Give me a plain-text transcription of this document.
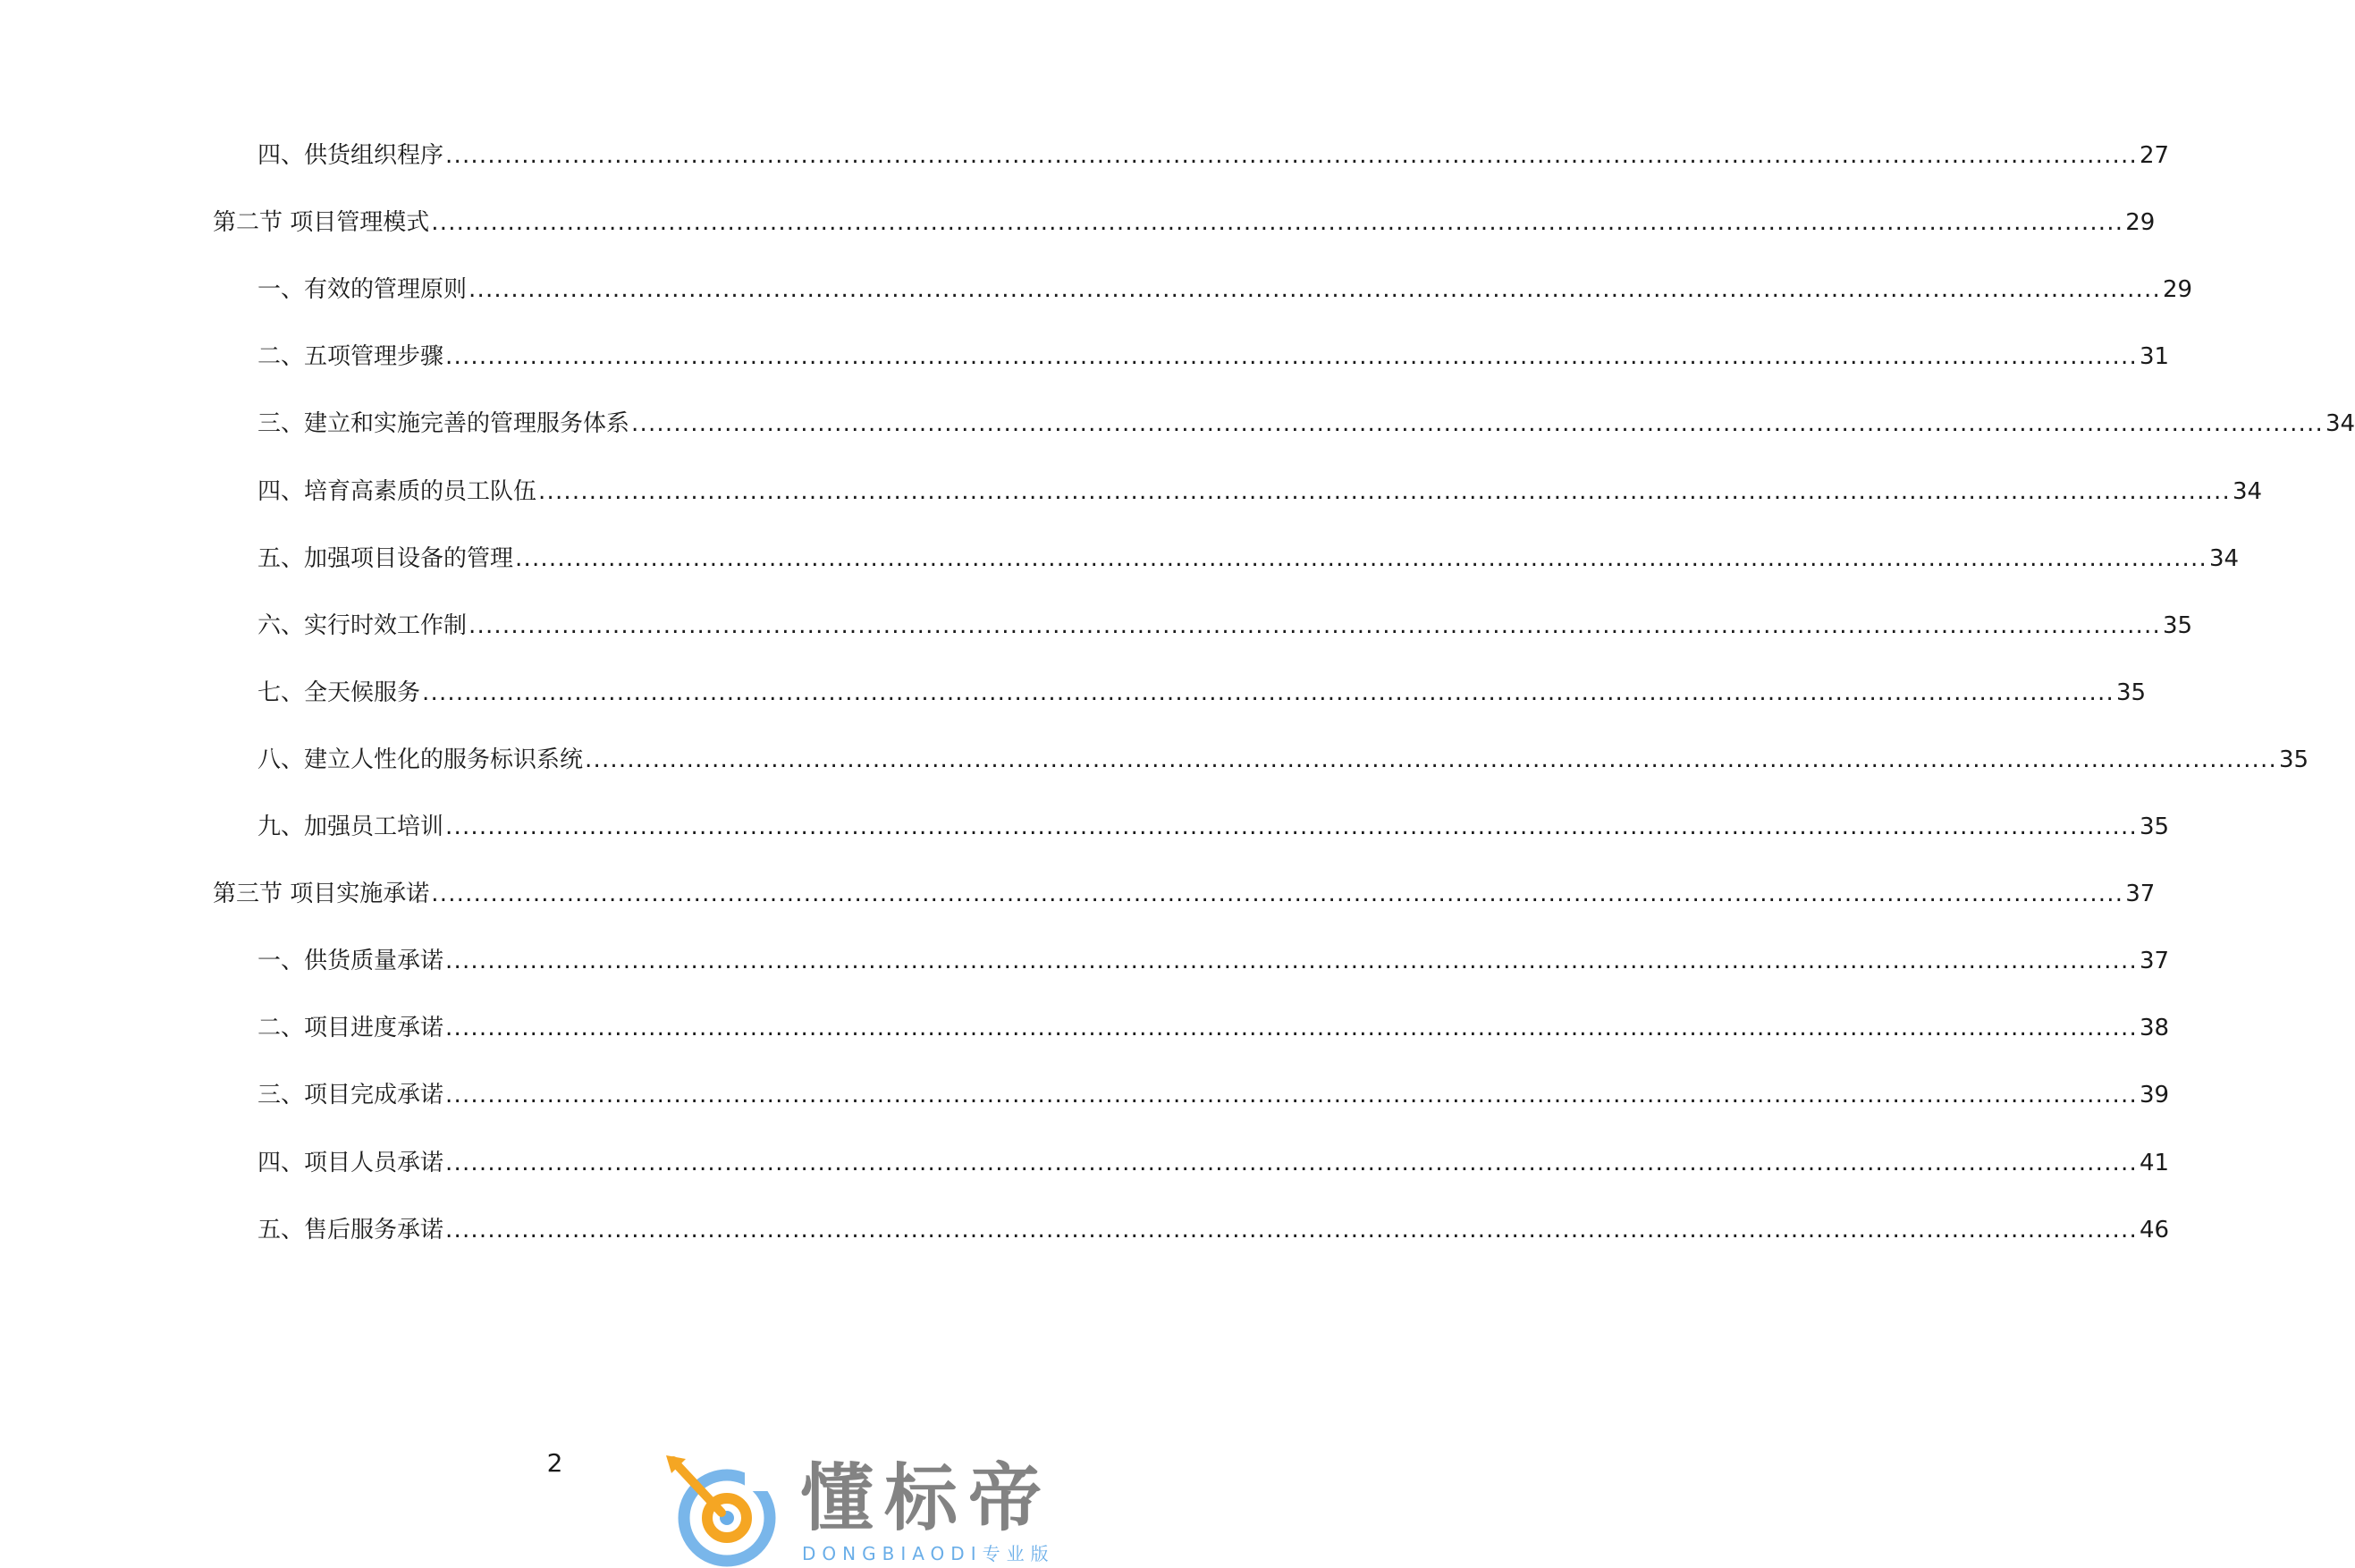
四、供货组织程序 ........................................................................................................................................................................................................ 27
第二节 项目管理模式 ........................................................................................................................................................................................................ 29
一、有效的管理原则 ........................................................................................................................................................................................................ 29
二、五项管理步骤 ........................................................................................................................................................................................................ 31
三、建立和实施完善的管理服务体系 ........................................................................................................................................................................................................ 34
四、培育高素质的员工队伍 ........................................................................................................................................................................................................ 34
五、加强项目设备的管理 ........................................................................................................................................................................................................ 34
六、实行时效工作制 ........................................................................................................................................................................................................ 35
七、全天候服务 ........................................................................................................................................................................................................ 35
八、建立人性化的服务标识系统 ........................................................................................................................................................................................................ 35
九、加强员工培训 ........................................................................................................................................................................................................ 35
第三节 项目实施承诺 ........................................................................................................................................................................................................ 37
一、供货质量承诺 ........................................................................................................................................................................................................ 37
二、项目进度承诺 ........................................................................................................................................................................................................ 38
三、项目完成承诺 ........................................................................................................................................................................................................ 39
四、项目人员承诺 ........................................................................................................................................................................................................ 41
五、售后服务承诺 ........................................................................................................................................................................................................ 46
2	懂标帝
DONGBIAODI专业版
